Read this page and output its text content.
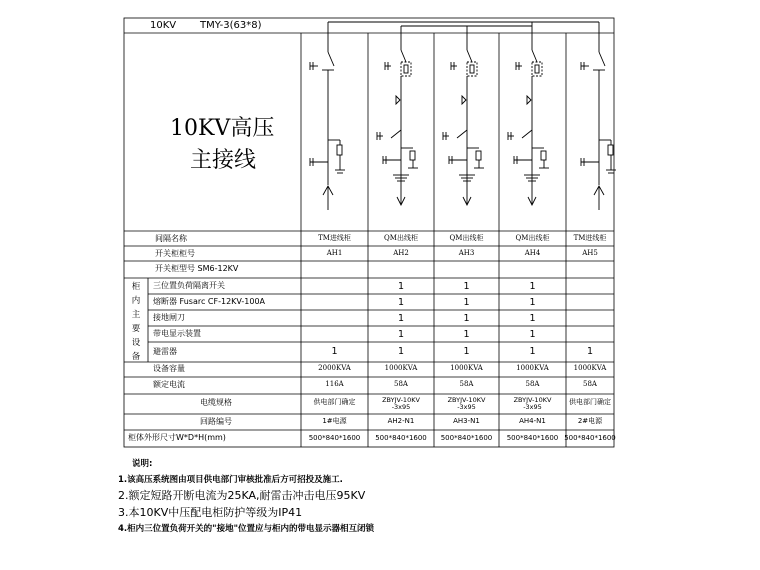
10KV TMY-3(63*8)
10KV高压
主接线
间隔名称
开关柜柜号
开关柜型号 SM6-12KV
柜内主要设备
三位置负荷隔离开关
熔断器 Fusarc CF-12KV-100A
接地闸刀
带电显示装置
避雷器
设备容量
额定电流
电缆规格
回路编号
柜体外形尺寸W*D*H(mm)
TM进线柜
AH1
1
2000KVA
116A
供电部门确定
1#电源
500*840*1600
QM出线柜
AH2
1
1
1
1
1
1000KVA
58A
ZBYJV-10KV
-3x95
AH2-N1
500*840*1600
QM出线柜
AH3
1
1
1
1
1
1000KVA
58A
ZBYJV-10KV
-3x95
AH3-N1
500*840*1600
QM出线柜
AH4
1
1
1
1
1
1000KVA
58A
ZBYJV-10KV
-3x95
AH4-N1
500*840*1600
TM进线柜
AH5
1
1000KVA
58A
供电部门确定
2#电源
500*840*1600
说明:
1.该高压系统图由项目供电部门审核批准后方可招投及施工.
2.额定短路开断电流为25KA,耐雷击冲击电压95KV
3.本10KV中压配电柜防护等级为IP41
4.柜内三位置负荷开关的"接地"位置应与柜内的带电显示器相互闭锁
